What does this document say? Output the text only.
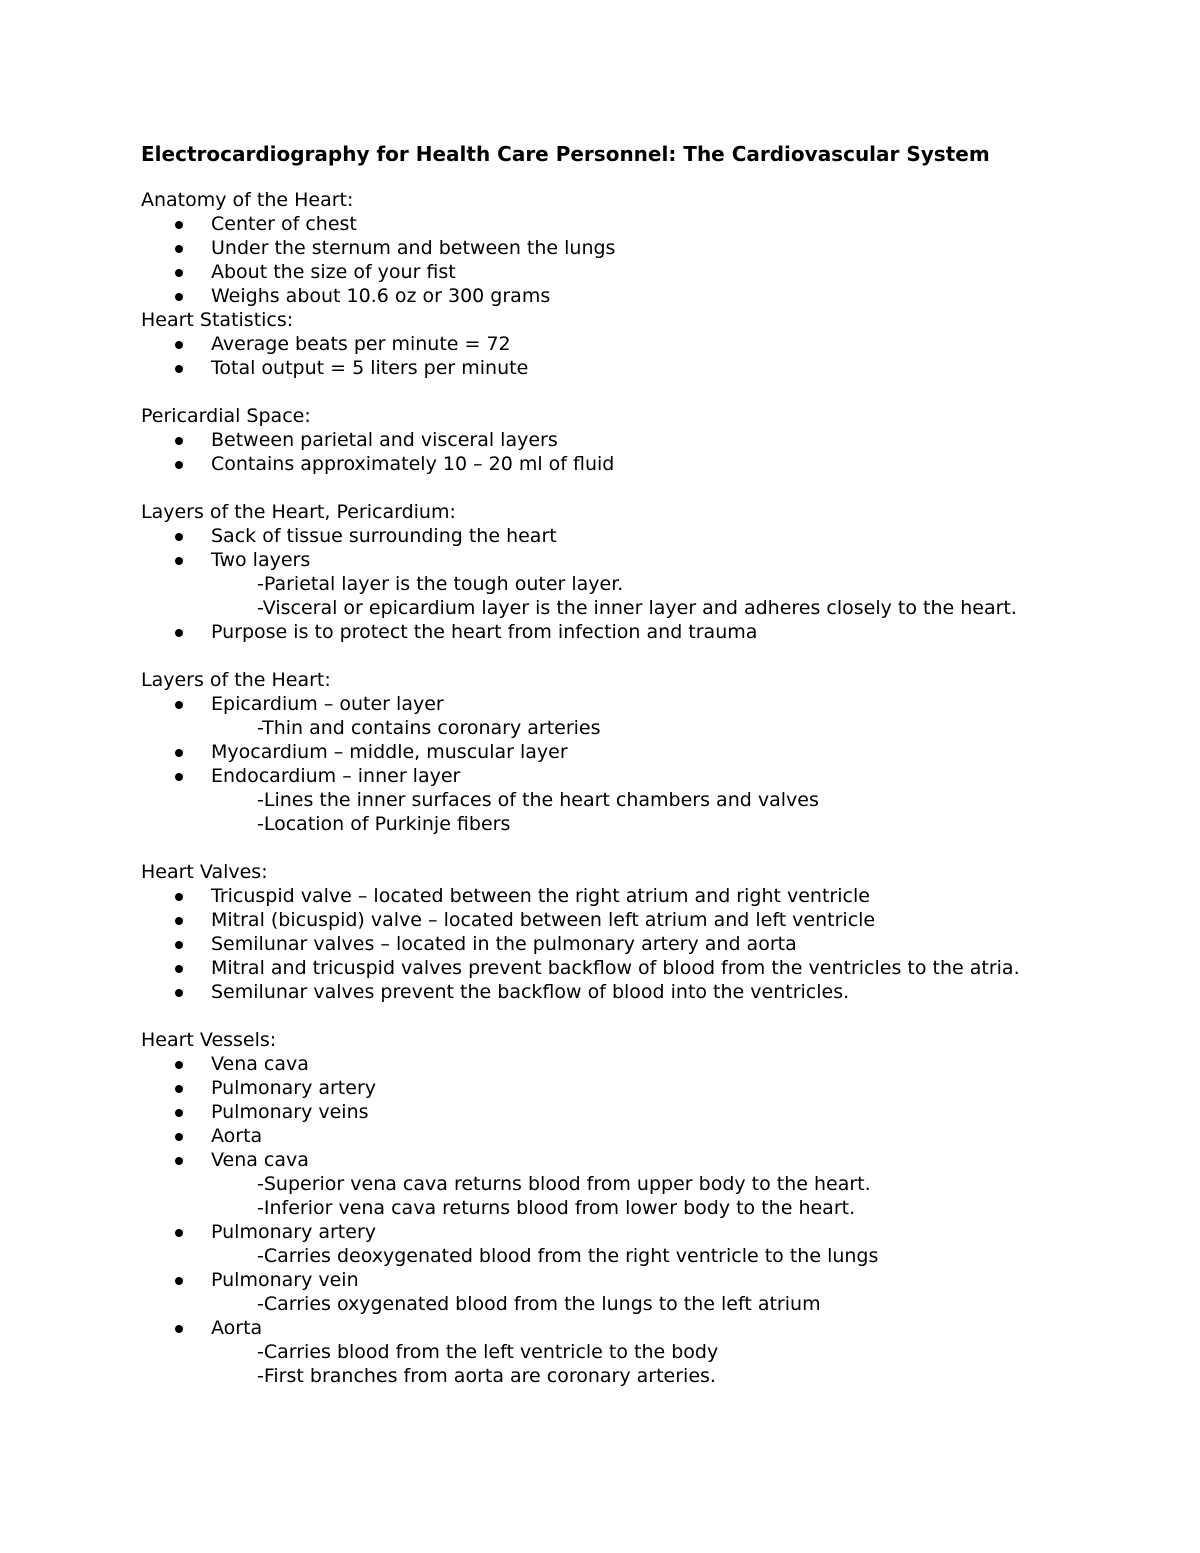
Electrocardiography for Health Care Personnel: The Cardiovascular System
Anatomy of the Heart:
Center of chest
Under the sternum and between the lungs
About the size of your fist
Weighs about 10.6 oz or 300 grams
Heart Statistics:
Average beats per minute = 72
Total output = 5 liters per minute
Pericardial Space:
Between parietal and visceral layers
Contains approximately 10 – 20 ml of fluid
Layers of the Heart, Pericardium:
Sack of tissue surrounding the heart
Two layers
-Parietal layer is the tough outer layer.
-Visceral or epicardium layer is the inner layer and adheres closely to the heart.
Purpose is to protect the heart from infection and trauma
Layers of the Heart:
Epicardium – outer layer
-Thin and contains coronary arteries
Myocardium – middle, muscular layer
Endocardium – inner layer
-Lines the inner surfaces of the heart chambers and valves
-Location of Purkinje fibers
Heart Valves:
Tricuspid valve – located between the right atrium and right ventricle
Mitral (bicuspid) valve – located between left atrium and left ventricle
Semilunar valves – located in the pulmonary artery and aorta
Mitral and tricuspid valves prevent backflow of blood from the ventricles to the atria.
Semilunar valves prevent the backflow of blood into the ventricles.
Heart Vessels:
Vena cava
Pulmonary artery
Pulmonary veins
Aorta
Vena cava
-Superior vena cava returns blood from upper body to the heart.
-Inferior vena cava returns blood from lower body to the heart.
Pulmonary artery
-Carries deoxygenated blood from the right ventricle to the lungs
Pulmonary vein
-Carries oxygenated blood from the lungs to the left atrium
Aorta
-Carries blood from the left ventricle to the body
-First branches from aorta are coronary arteries.
